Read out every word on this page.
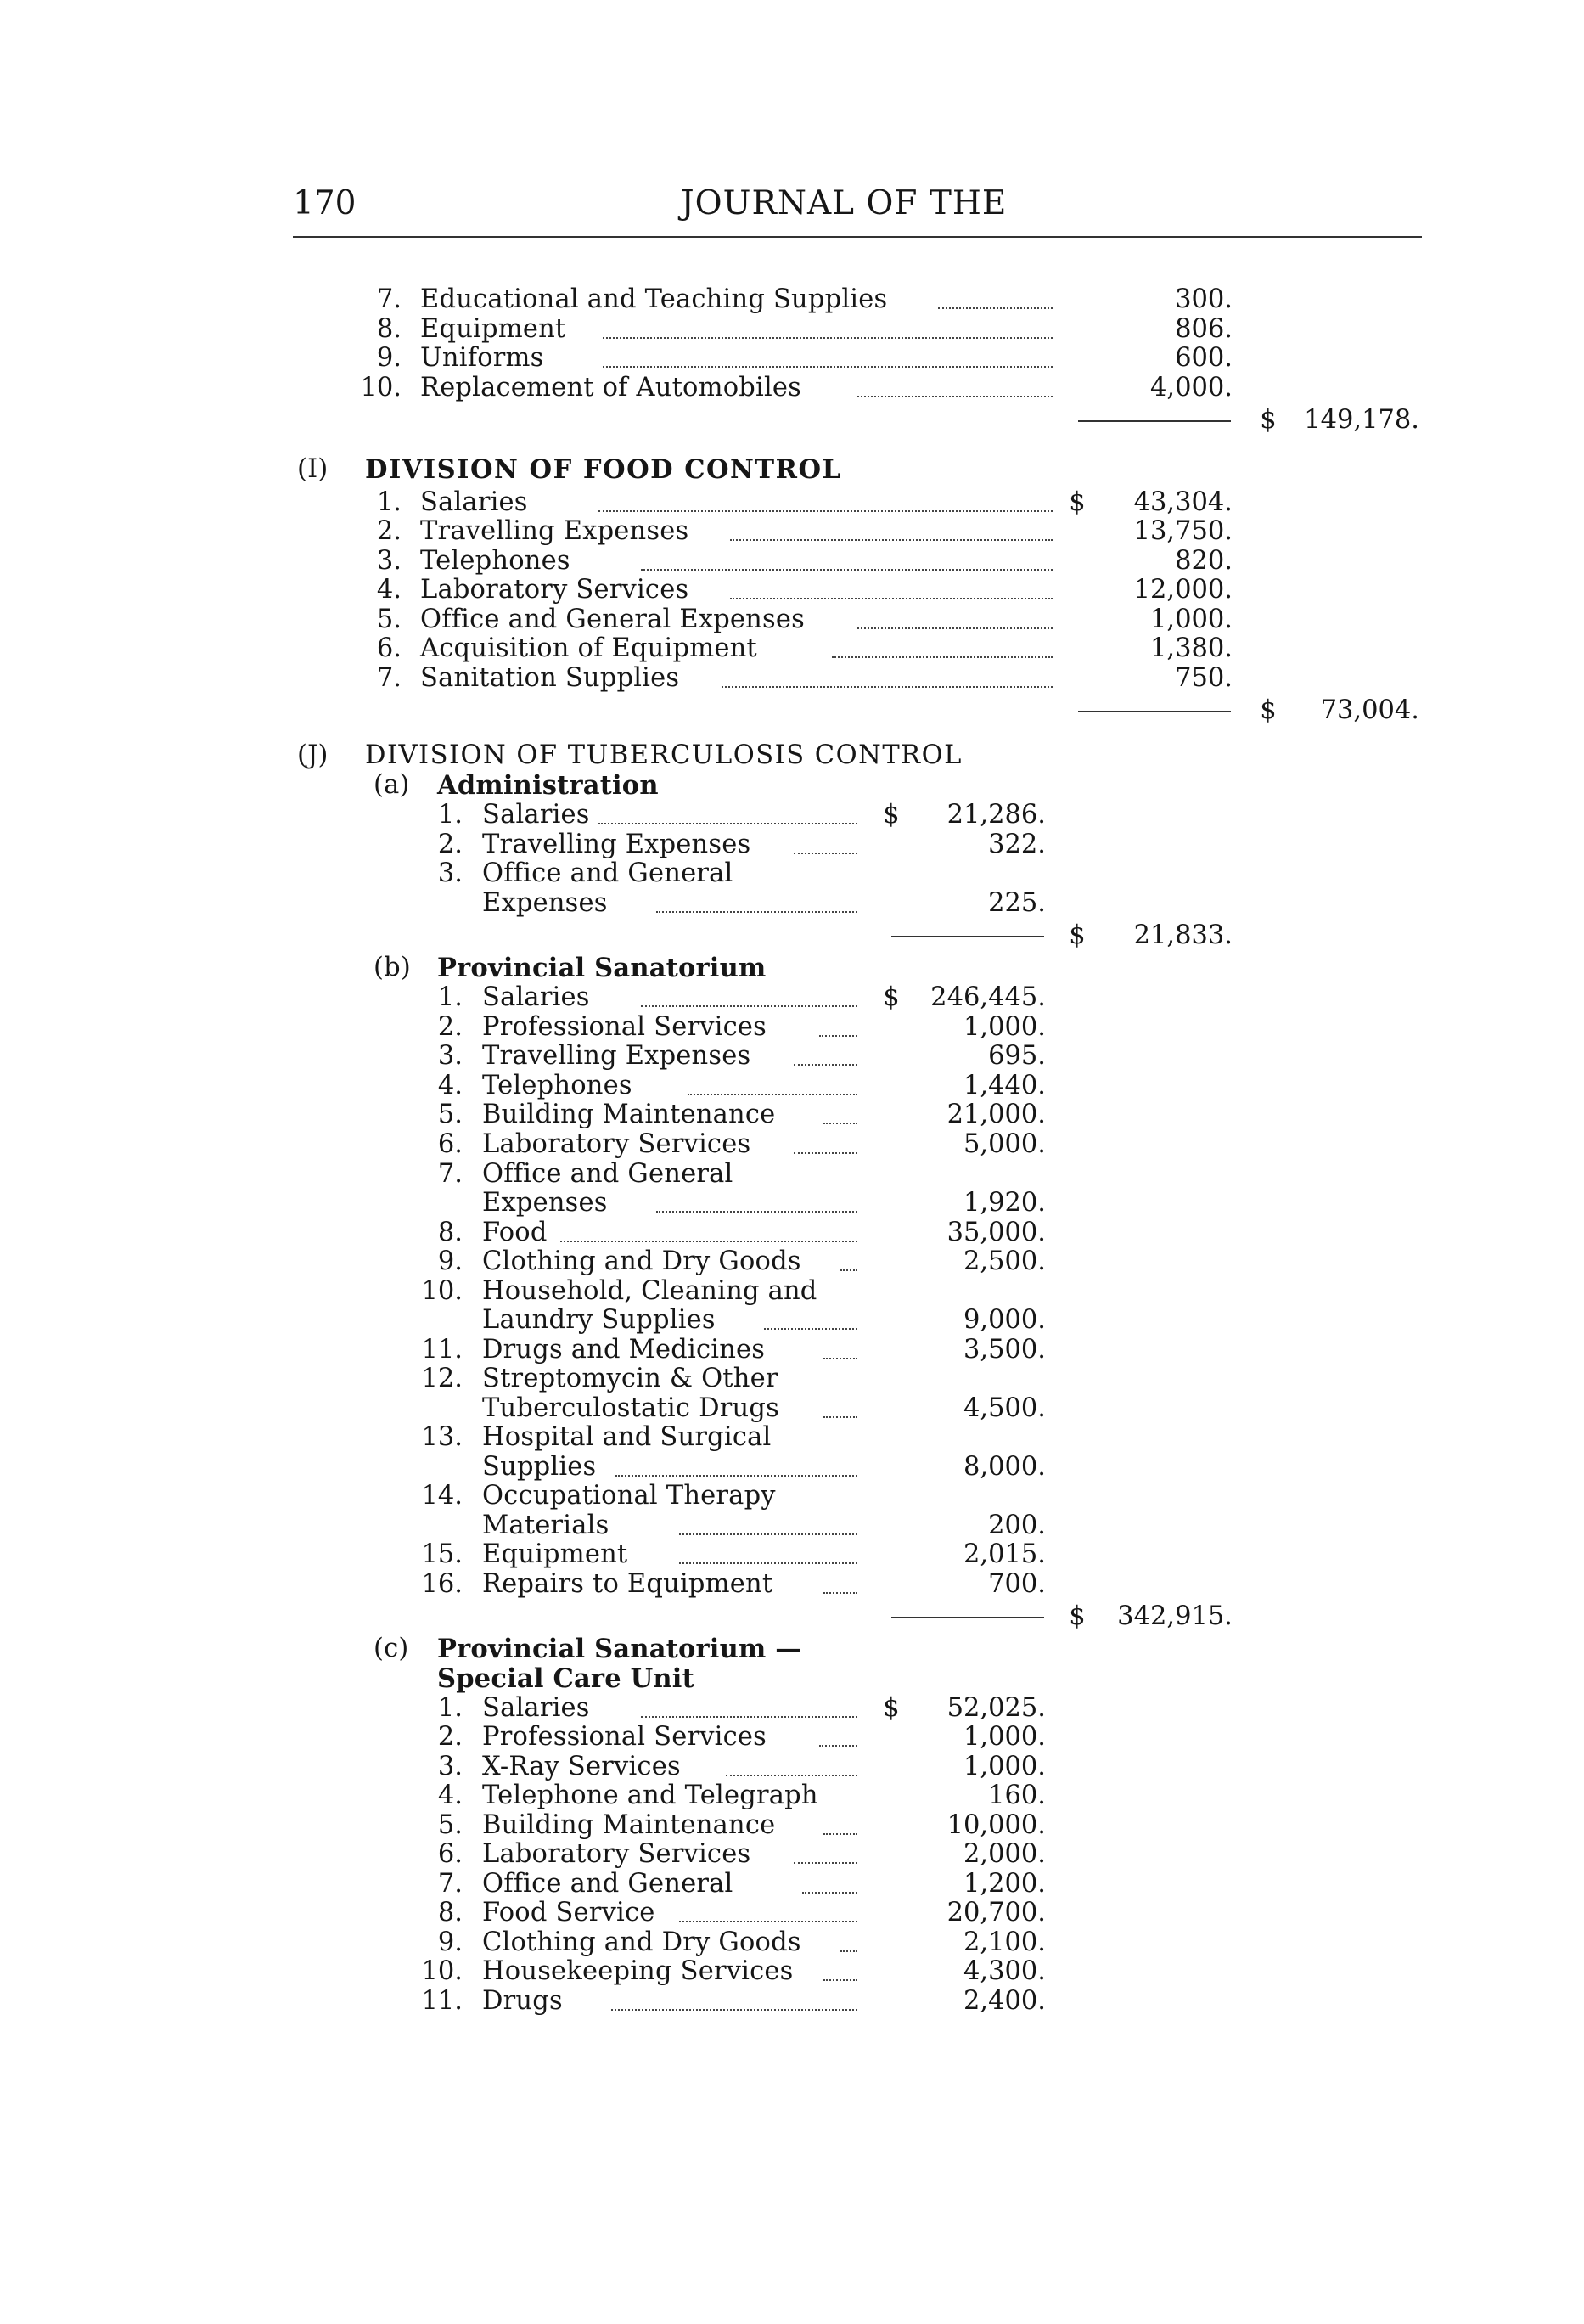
170	JOURNAL OF THE
7. Educational and Teaching Supplies	300.
8. Equipment	806.
9. Uniforms	600.
10. Replacement of Automobiles	4,000.
$	149,178.
(I) DIVISION OF FOOD CONTROL
1. Salaries	$	43,304.
2. Travelling Expenses	13,750.
3. Telephones	820.
4. Laboratory Services	12,000.
5. Office and General Expenses	1,000.
6. Acquisition of Equipment	1,380.
7. Sanitation Supplies	750.
$	73,004.
(J) DIVISION OF TUBERCULOSIS CONTROL
(a) Administration
1. Salaries	$	21,286.
2. Travelling Expenses	322.
3. Office and General
Expenses	225.
$	21,833.
(b) Provincial Sanatorium
1. Salaries	$	246,445.
2. Professional Services	1,000.
3. Travelling Expenses	695.
4. Telephones	1,440.
5. Building Maintenance	21,000.
6. Laboratory Services	5,000.
7. Office and General
Expenses	1,920.
8. Food	35,000.
9. Clothing and Dry Goods	2,500.
10. Household, Cleaning and
Laundry Supplies	9,000.
11. Drugs and Medicines	3,500.
12. Streptomycin & Other
Tuberculostatic Drugs	4,500.
13. Hospital and Surgical
Supplies	8,000.
14. Occupational Therapy
Materials	200.
15. Equipment	2,015.
16. Repairs to Equipment	700.
$	342,915.
(c) Provincial Sanatorium —
Special Care Unit
1. Salaries	$	52,025.
2. Professional Services	1,000.
3. X-Ray Services	1,000.
4. Telephone and Telegraph	160.
5. Building Maintenance	10,000.
6. Laboratory Services	2,000.
7. Office and General	1,200.
8. Food Service	20,700.
9. Clothing and Dry Goods	2,100.
10. Housekeeping Services	4,300.
11. Drugs	2,400.
